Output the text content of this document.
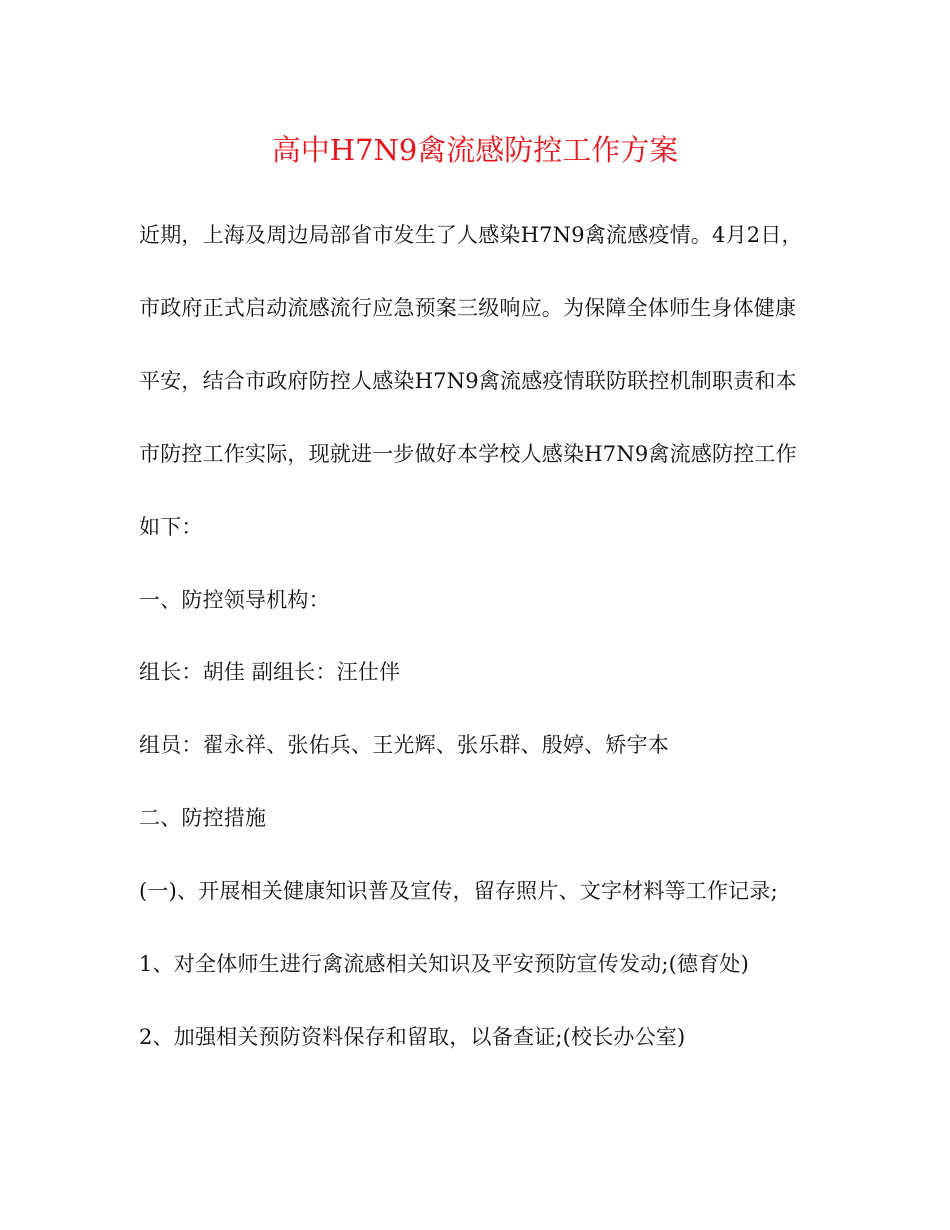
高中H7N9禽流感防控工作方案
近期，上海及周边局部省市发生了人感染H7N9禽流感疫情。4月2日，
市政府正式启动流感流行应急预案三级响应。为保障全体师生身体健康
平安，结合市政府防控人感染H7N9禽流感疫情联防联控机制职责和本
市防控工作实际，现就进一步做好本学校人感染H7N9禽流感防控工作
如下：
一、防控领导机构：
组长：胡佳 副组长：汪仕伴
组员：翟永祥、张佑兵、王光辉、张乐群、殷婷、矫宇本
二、防控措施
(一)、开展相关健康知识普及宣传，留存照片、文字材料等工作记录;
1、对全体师生进行禽流感相关知识及平安预防宣传发动;(德育处)
2、加强相关预防资料保存和留取，以备查证;(校长办公室)
